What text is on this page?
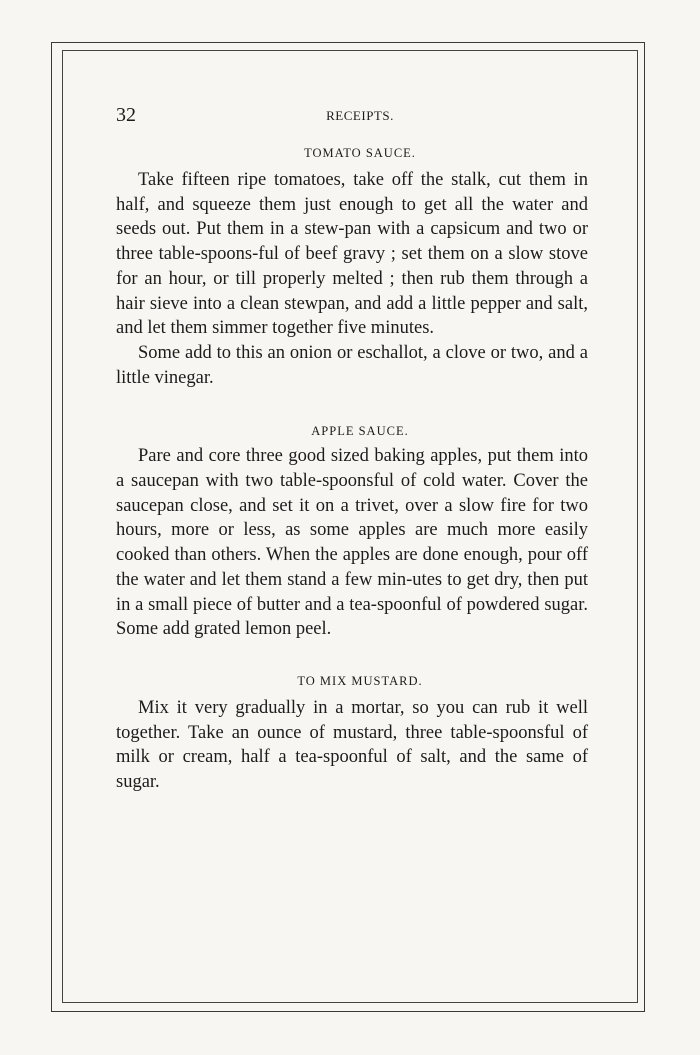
32	RECEIPTS.
TOMATO SAUCE.

Take fifteen ripe tomatoes, take off the stalk, cut them in half, and squeeze them just enough to get all the water and seeds out. Put them in a stew-pan with a capsicum and two or three table-spoons-ful of beef gravy ; set them on a slow stove for an hour, or till properly melted ; then rub them through a hair sieve into a clean stewpan, and add a little pepper and salt, and let them simmer together five minutes.

Some add to this an onion or eschallot, a clove or two, and a little vinegar.

APPLE SAUCE.

Pare and core three good sized baking apples, put them into a saucepan with two table-spoonsful of cold water. Cover the saucepan close, and set it on a trivet, over a slow fire for two hours, more or less, as some apples are much more easily cooked than others. When the apples are done enough, pour off the water and let them stand a few min-utes to get dry, then put in a small piece of butter and a tea-spoonful of powdered sugar. Some add grated lemon peel.

TO MIX MUSTARD.

Mix it very gradually in a mortar, so you can rub it well together. Take an ounce of mustard, three table-spoonsful of milk or cream, half a tea-spoonful of salt, and the same of sugar.
